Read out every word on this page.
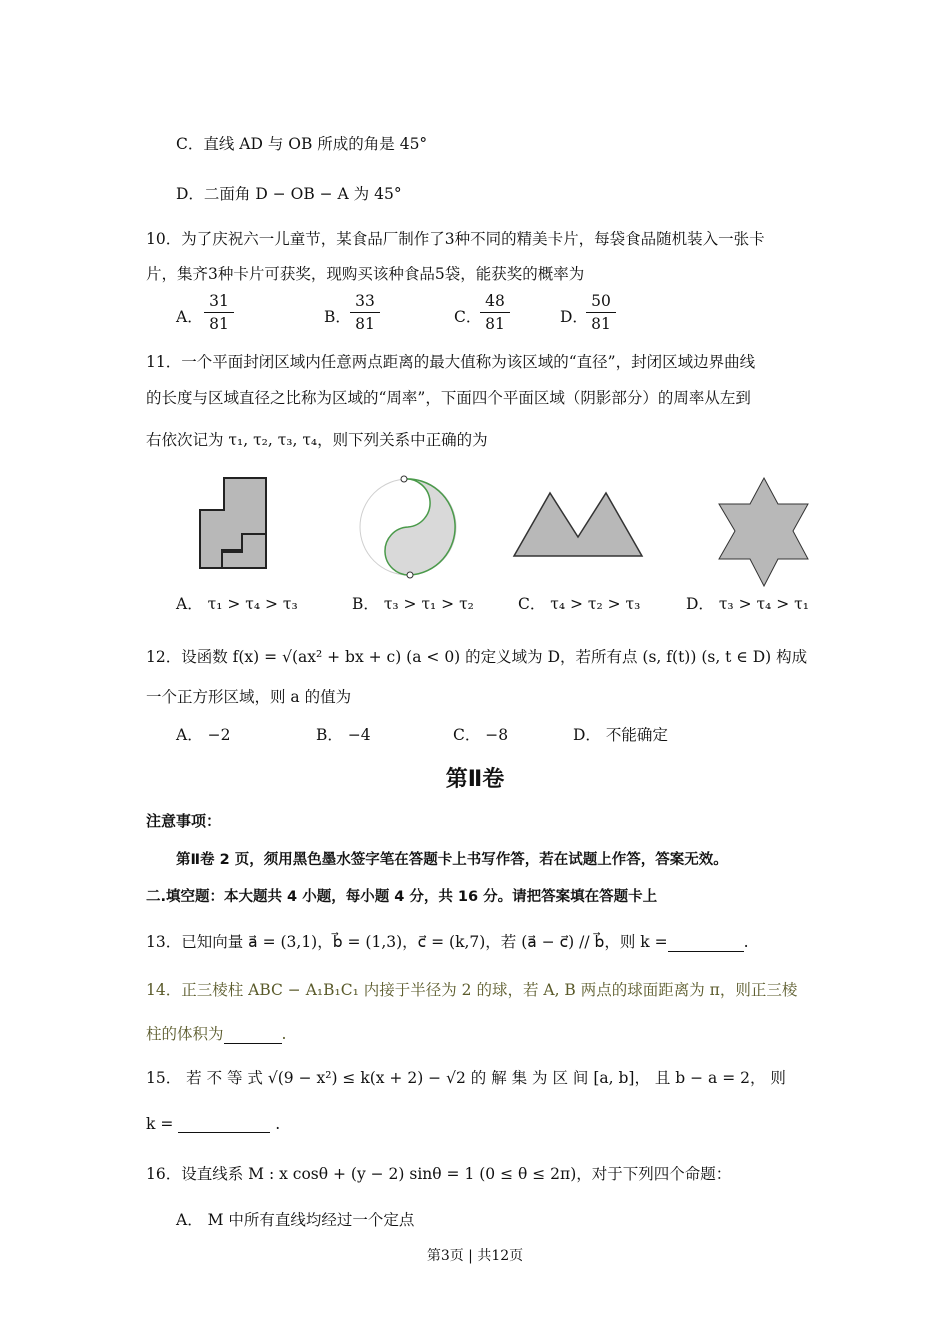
C．直线 AD 与 OB 所成的角是 45°
D．二面角 D − OB − A 为 45°
10．为了庆祝六一儿童节，某食品厂制作了3种不同的精美卡片，每袋食品随机装入一张卡
片，集齐3种卡片可获奖，现购买该种食品5袋，能获奖的概率为
A． $\frac{31}{81}$	B． $\frac{33}{81}$	C．
$\frac{48}{81}$	D．
$\frac{50}{81}$
11．一个平面封闭区域内任意两点距离的最大值称为该区域的“直径”，封闭区域边界曲线
的长度与区域直径之比称为区域的“周率”，下面四个平面区域（阴影部分）的周率从左到
右依次记为 τ₁, τ₂, τ₃, τ₄，则下列关系中正确的为
A． τ₁ > τ₄ > τ₃	B． τ₃ > τ₁ > τ₂	C． τ₄ > τ₂ > τ₃	D． τ₃ > τ₄ > τ₁
12．设函数 f(x) = √(ax² + bx + c) (a < 0) 的定义域为 D，若所有点 (s, f(t)) (s, t ∈ D) 构成
一个正方形区域，则 a 的值为
A． −2	B． −4	C． −8	D． 不能确定
第Ⅱ卷
注意事项：
第Ⅱ卷 2 页，须用黑色墨水签字笔在答题卡上书写作答，若在试题上作答，答案无效。
二.填空题：本大题共 4 小题，每小题 4 分，共 16 分。请把答案填在答题卡上
13．已知向量 a⃗ = (3,1)，b⃗ = (1,3)，c⃗ = (k,7)，若 (a⃗ − c⃗) // b⃗，则 k =	.
14．正三棱柱 ABC − A₁B₁C₁ 内接于半径为 2 的球，若 A, B 两点的球面距离为 π，则正三棱
柱的体积为	.
15． 若 不 等 式 √(9 − x²) ≤ k(x + 2) − √2 的 解 集 为 区 间 [a, b]， 且 b − a = 2， 则
k =	.
16．设直线系 M : x cosθ + (y − 2) sinθ = 1 (0 ≤ θ ≤ 2π)，对于下列四个命题：
A． M 中所有直线均经过一个定点
第3页 | 共12页
